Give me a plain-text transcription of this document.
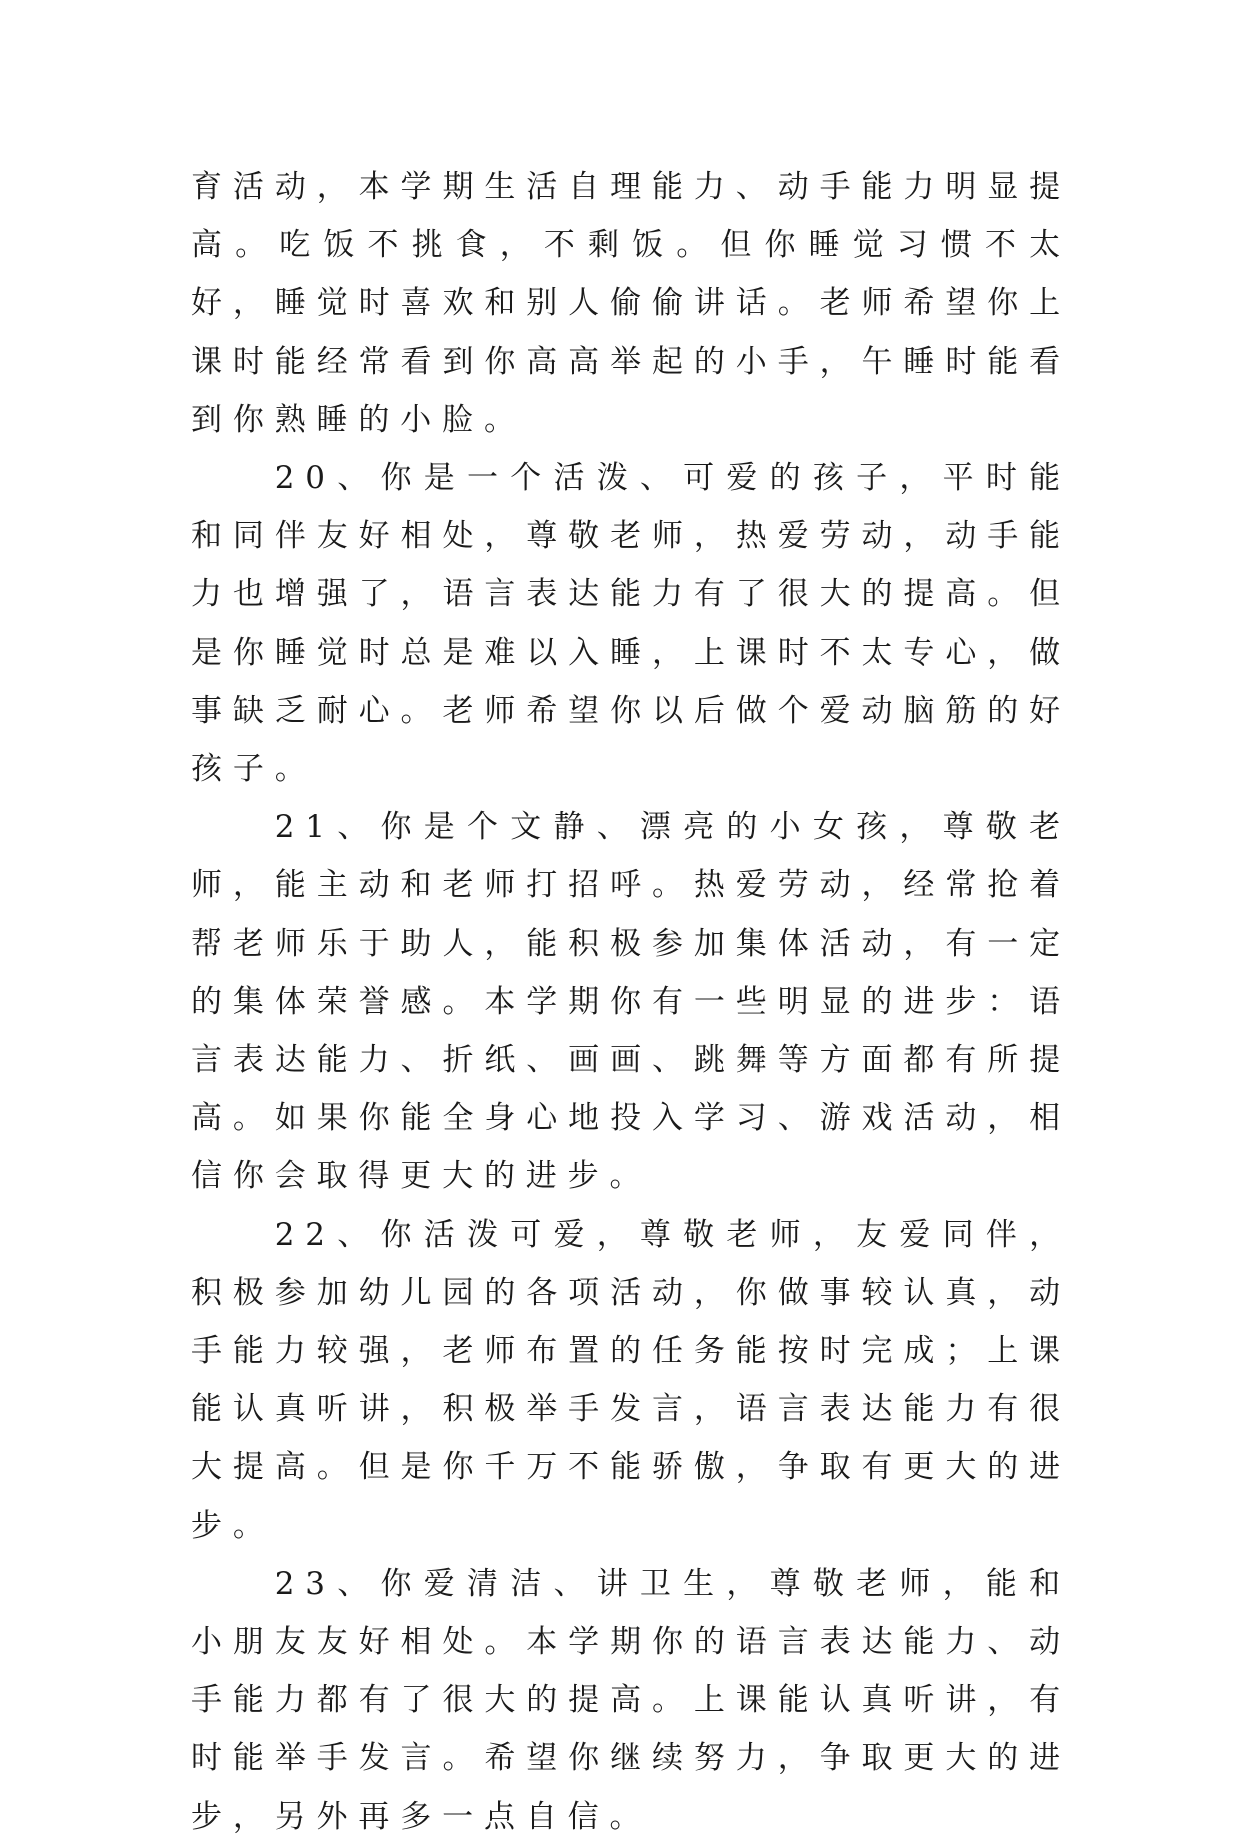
育活动，本学期生活自理能力、动手能力明显提高。吃饭不挑食，不剩饭。但你睡觉习惯不太好，睡觉时喜欢和别人偷偷讲话。老师希望你上课时能经常看到你高高举起的小手，午睡时能看到你熟睡的小脸。

20、你是一个活泼、可爱的孩子，平时能和同伴友好相处，尊敬老师，热爱劳动，动手能力也增强了，语言表达能力有了很大的提高。但是你睡觉时总是难以入睡，上课时不太专心，做事缺乏耐心。老师希望你以后做个爱动脑筋的好孩子。

21、你是个文静、漂亮的小女孩，尊敬老师，能主动和老师打招呼。热爱劳动，经常抢着帮老师乐于助人，能积极参加集体活动，有一定的集体荣誉感。本学期你有一些明显的进步：语言表达能力、折纸、画画、跳舞等方面都有所提高。如果你能全身心地投入学习、游戏活动，相信你会取得更大的进步。

22、你活泼可爱，尊敬老师，友爱同伴，积极参加幼儿园的各项活动，你做事较认真，动手能力较强，老师布置的任务能按时完成；上课能认真听讲，积极举手发言，语言表达能力有很大提高。但是你千万不能骄傲，争取有更大的进步。

23、你爱清洁、讲卫生，尊敬老师，能和小朋友友好相处。本学期你的语言表达能力、动手能力都有了很大的提高。上课能认真听讲，有时能举手发言。希望你继续努力，争取更大的进步，另外再多一点自信。
